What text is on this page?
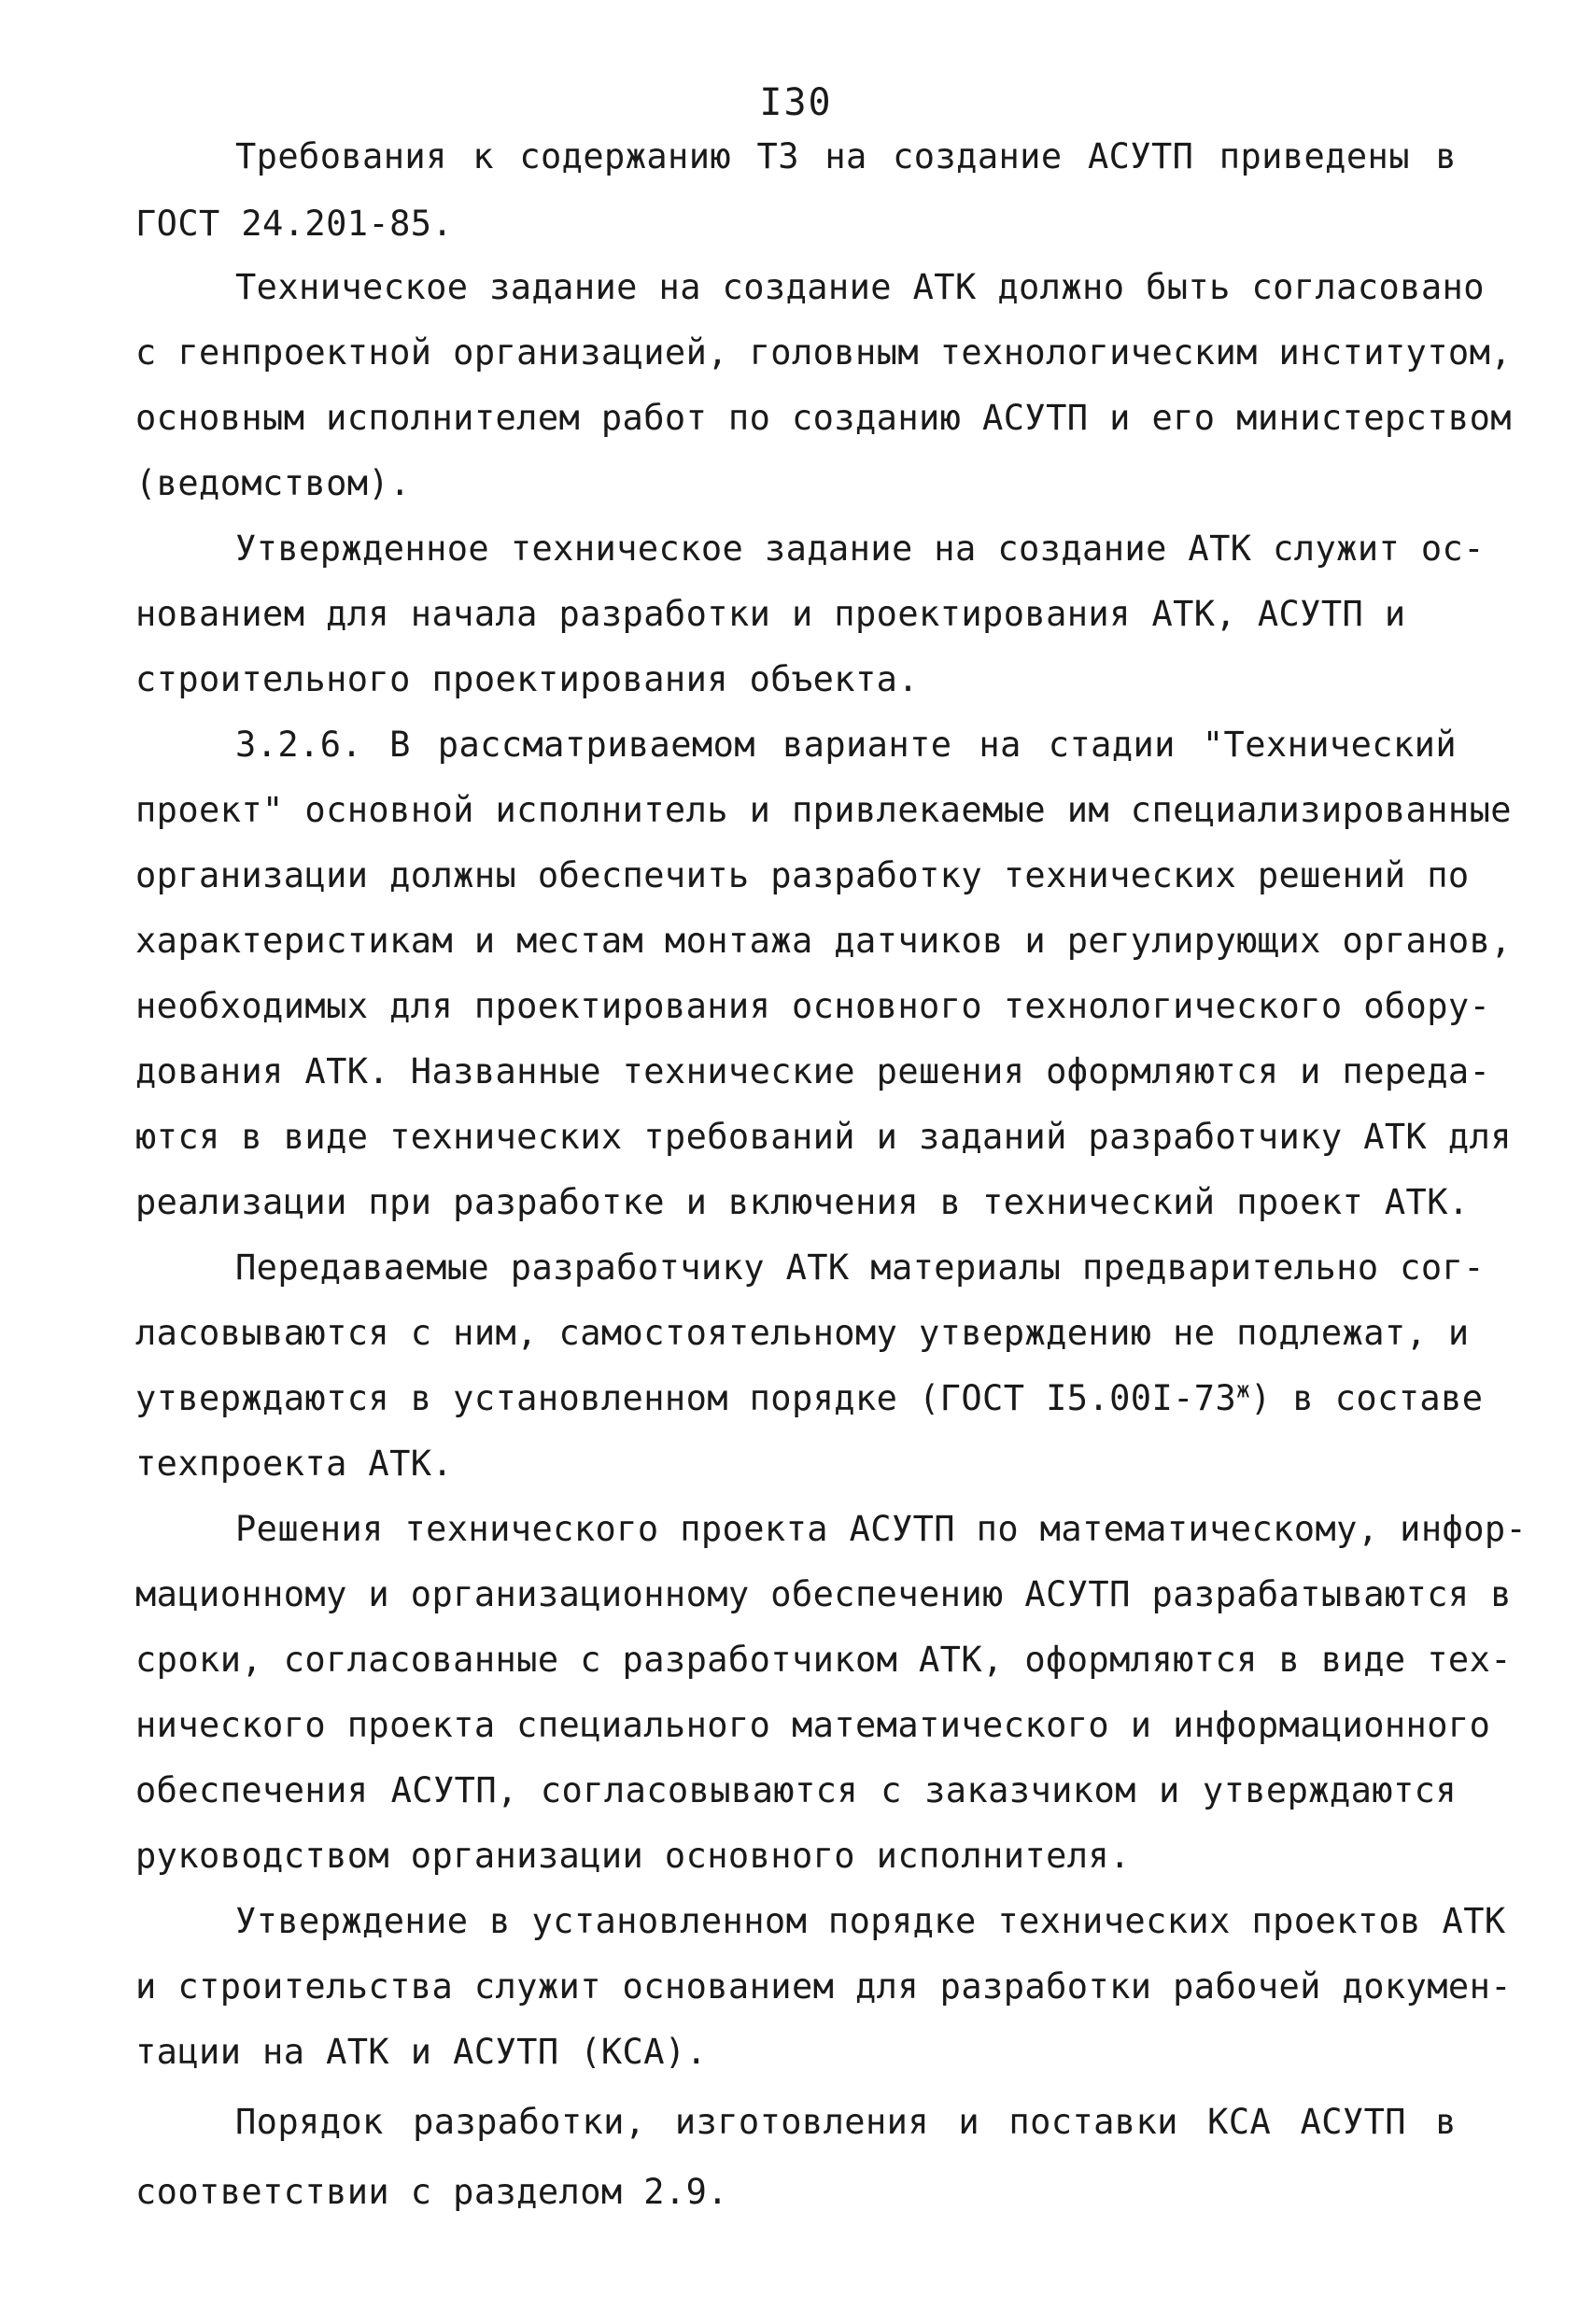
I30
Требования к содержанию ТЗ на создание АСУТП приведены в
ГОСТ 24.201-85.
Техническое задание на создание АТК должно быть согласовано
с генпроектной организацией, головным технологическим институтом,
основным исполнителем работ по созданию АСУТП и его министерством
(ведомством).
Утвержденное техническое задание на создание АТК служит ос-
нованием для начала разработки и проектирования АТК, АСУТП и
строительного проектирования объекта.
3.2.6. В рассматриваемом варианте на стадии "Технический
проект" основной исполнитель и привлекаемые им специализированные
организации должны обеспечить разработку технических решений по
характеристикам и местам монтажа датчиков и регулирующих органов,
необходимых для проектирования основного технологического обору-
дования АТК. Названные технические решения оформляются и переда-
ются в виде технических требований и заданий разработчику АТК для
реализации при разработке и включения в технический проект АТК.
Передаваемые разработчику АТК материалы предварительно сог-
ласовываются с ним, самостоятельному утверждению не подлежат, и
утверждаются в установленном порядке (ГОСТ $I5.00I-73^ж$) в составе
техпроекта АТК.
Решения технического проекта АСУТП по математическому, инфор-
мационному и организационному обеспечению АСУТП разрабатываются в
сроки, согласованные с разработчиком АТК, оформляются в виде тех-
нического проекта специального математического и информационного
обеспечения АСУТП, согласовываются с заказчиком и утверждаются
руководством организации основного исполнителя.
Утверждение в установленном порядке технических проектов АТК
и строительства служит основанием для разработки рабочей докумен-
тации на АТК и АСУТП (КСА).
Порядок разработки, изготовления и поставки КСА АСУТП в
соответствии с разделом 2.9.
